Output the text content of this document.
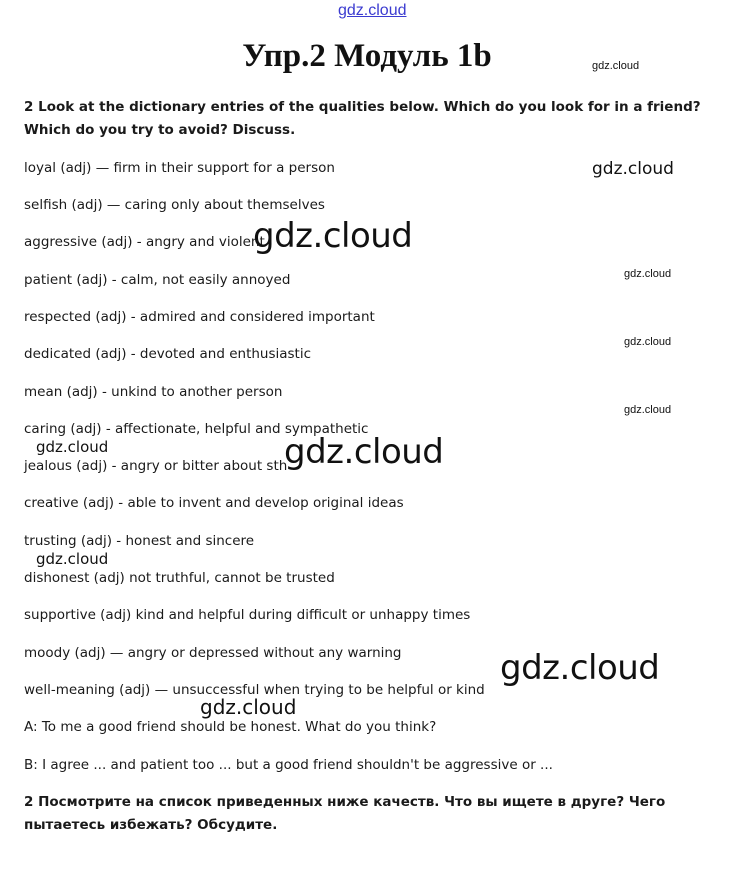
gdz.cloud
Упр.2 Модуль 1b
2 Look at the dictionary entries of the qualities below. Which do you look for in a friend? Which do you try to avoid? Discuss.
loyal (adj) — firm in their support for a person
selfish (adj) — caring only about themselves
aggressive (adj) - angry and violent
patient (adj) - calm, not easily annoyed
respected (adj) - admired and considered important
dedicated (adj) - devoted and enthusiastic
mean (adj) - unkind to another person
caring (adj) - affectionate, helpful and sympathetic
jealous (adj) - angry or bitter about sth
creative (adj) - able to invent and develop original ideas
trusting (adj) - honest and sincere
dishonest (adj) not truthful, cannot be trusted
supportive (adj) kind and helpful during difficult or unhappy times
moody (adj) — angry or depressed without any warning
well-meaning (adj) — unsuccessful when trying to be helpful or kind
A: To me a good friend should be honest. What do you think?
B: I agree ... and patient too ... but a good friend shouldn't be aggressive or ...
2 Посмотрите на список приведенных ниже качеств. Что вы ищете в друге? Чего пытаетесь избежать? Обсудите.
gdz.cloud
gdz.cloud
gdz.cloud
gdz.cloud
gdz.cloud
gdz.cloud
gdz.cloud	gdz.cloud
gdz.cloud
gdz.cloud
gdz.cloud
